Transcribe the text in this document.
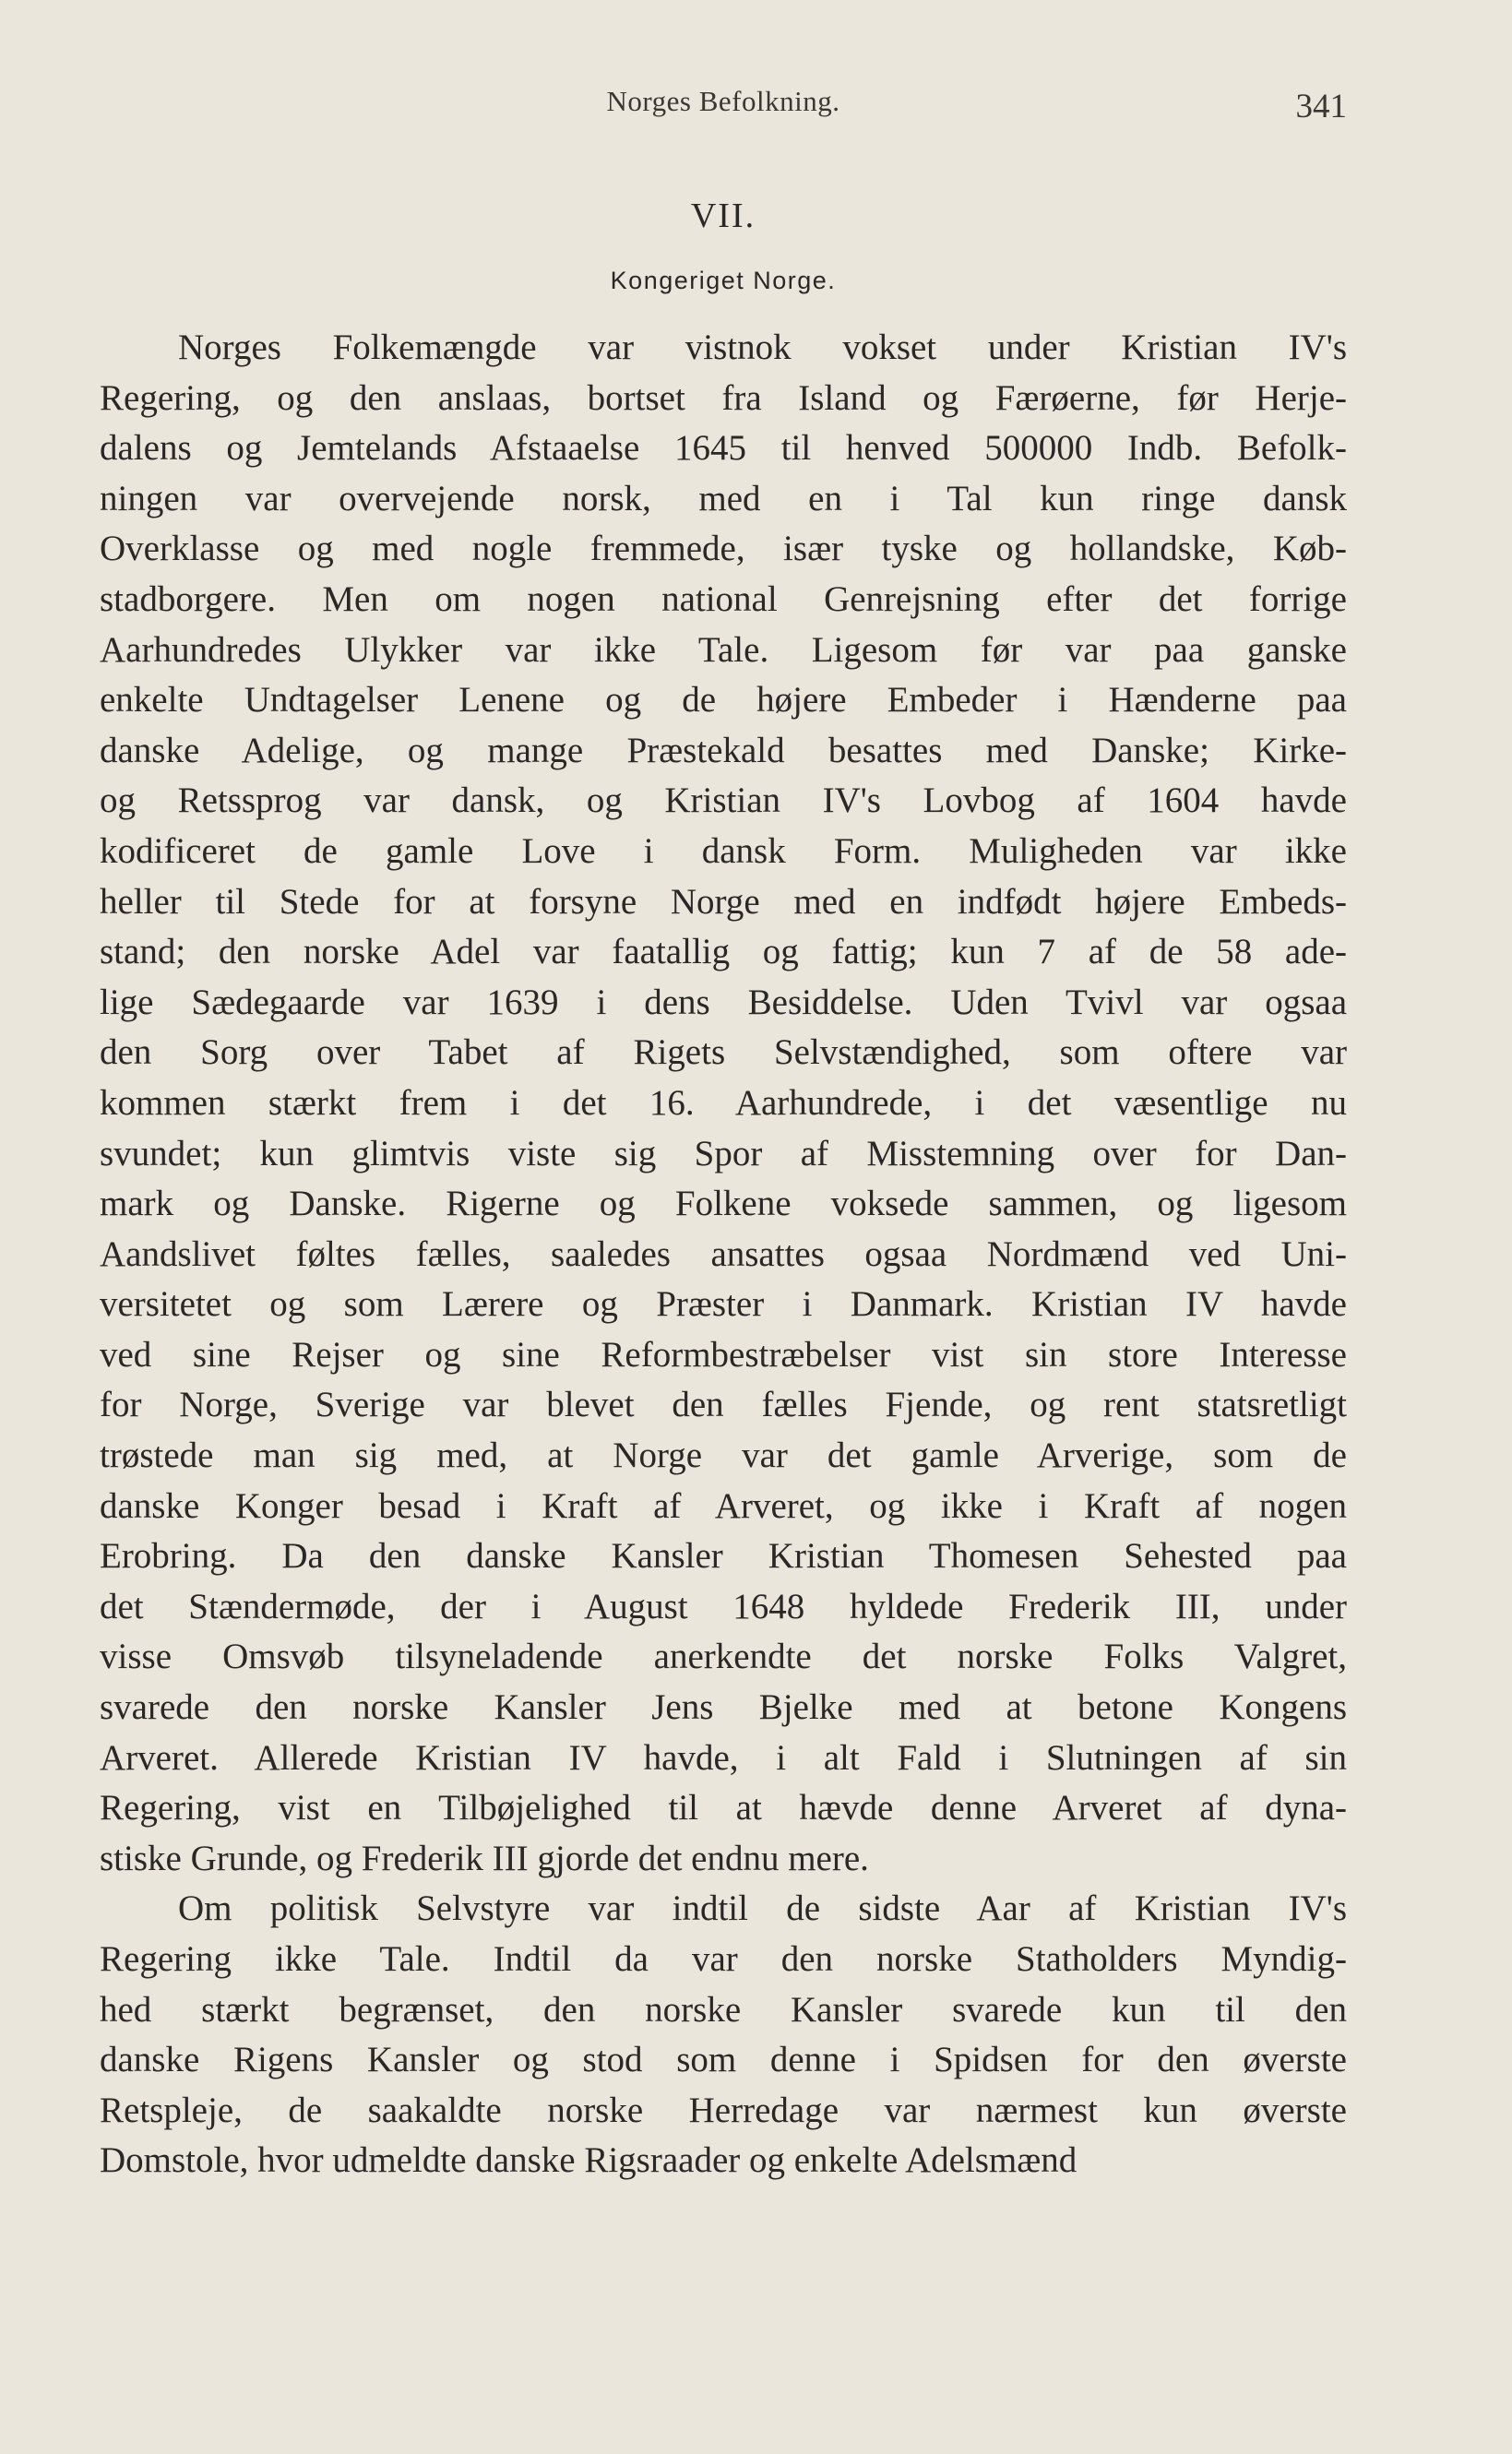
Norges Befolkning.	341
VII.
Kongeriget Norge.
Norges Folkemængde var vistnok vokset under Kristian IV's
Regering, og den anslaas, bortset fra Island og Færøerne, før Herje-
dalens og Jemtelands Afstaaelse 1645 til henved 500000 Indb. Befolk-
ningen var overvejende norsk, med en i Tal kun ringe dansk
Overklasse og med nogle fremmede, især tyske og hollandske, Køb-
stadborgere. Men om nogen national Genrejsning efter det forrige
Aarhundredes Ulykker var ikke Tale. Ligesom før var paa ganske
enkelte Undtagelser Lenene og de højere Embeder i Hænderne paa
danske Adelige, og mange Præstekald besattes med Danske; Kirke-
og Retssprog var dansk, og Kristian IV's Lovbog af 1604 havde
kodificeret de gamle Love i dansk Form. Muligheden var ikke
heller til Stede for at forsyne Norge med en indfødt højere Embeds-
stand; den norske Adel var faatallig og fattig; kun 7 af de 58 ade-
lige Sædegaarde var 1639 i dens Besiddelse. Uden Tvivl var ogsaa
den Sorg over Tabet af Rigets Selvstændighed, som oftere var
kommen stærkt frem i det 16. Aarhundrede, i det væsentlige nu
svundet; kun glimtvis viste sig Spor af Misstemning over for Dan-
mark og Danske. Rigerne og Folkene voksede sammen, og ligesom
Aandslivet føltes fælles, saaledes ansattes ogsaa Nordmænd ved Uni-
versitetet og som Lærere og Præster i Danmark. Kristian IV havde
ved sine Rejser og sine Reformbestræbelser vist sin store Interesse
for Norge, Sverige var blevet den fælles Fjende, og rent statsretligt
trøstede man sig med, at Norge var det gamle Arverige, som de
danske Konger besad i Kraft af Arveret, og ikke i Kraft af nogen
Erobring. Da den danske Kansler Kristian Thomesen Sehested paa
det Stændermøde, der i August 1648 hyldede Frederik III, under
visse Omsvøb tilsyneladende anerkendte det norske Folks Valgret,
svarede den norske Kansler Jens Bjelke med at betone Kongens
Arveret. Allerede Kristian IV havde, i alt Fald i Slutningen af sin
Regering, vist en Tilbøjelighed til at hævde denne Arveret af dyna-
stiske Grunde, og Frederik III gjorde det endnu mere.
Om politisk Selvstyre var indtil de sidste Aar af Kristian IV's
Regering ikke Tale. Indtil da var den norske Statholders Myndig-
hed stærkt begrænset, den norske Kansler svarede kun til den
danske Rigens Kansler og stod som denne i Spidsen for den øverste
Retspleje, de saakaldte norske Herredage var nærmest kun øverste
Domstole, hvor udmeldte danske Rigsraader og enkelte Adelsmænd
